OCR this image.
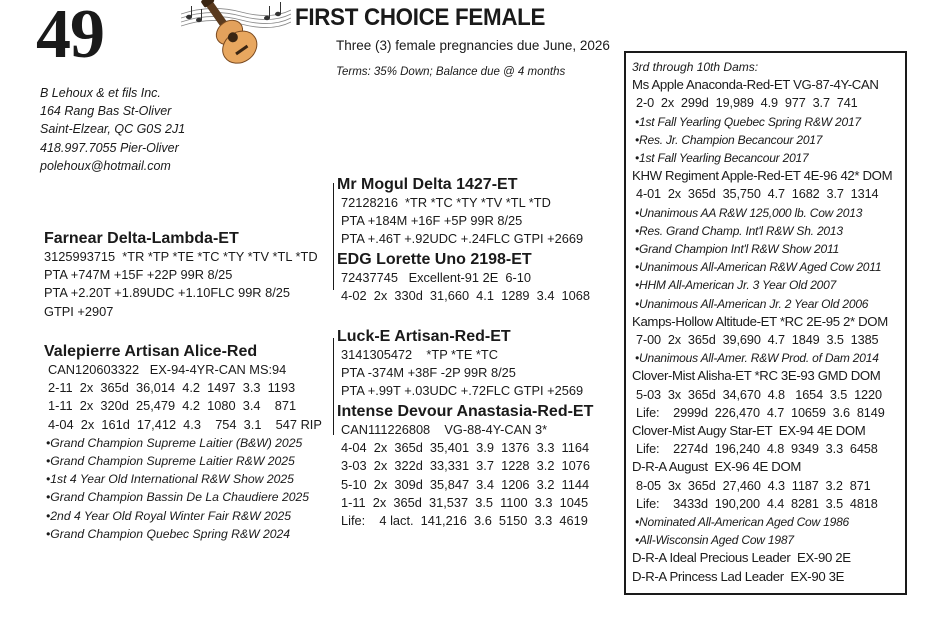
49	FIRST CHOICE FEMALE
Three (3) female pregnancies due June, 2026
Terms: 35% Down; Balance due @ 4 months
B Lehoux & et fils Inc.
164 Rang Bas St-Oliver
Saint-Elzear, QC G0S 2J1
418.997.7055 Pier-Oliver
polehoux@hotmail.com
Farnear Delta-Lambda-ET
3125993715  *TR *TP *TE *TC *TY *TV *TL *TD
PTA +747M +15F +22P 99R 8/25
PTA +2.20T +1.89UDC +1.10FLC 99R 8/25
GTPI +2907
Valepierre Artisan Alice-Red
CAN120603322   EX-94-4YR-CAN MS:94
2-11  2x  365d  36,014  4.2  1497  3.3  1193
1-11  2x  320d  25,479  4.2  1080  3.4    871
4-04  2x  161d  17,412  4.3    754  3.1    547 RIP
•Grand Champion Supreme Laitier (B&W) 2025
•Grand Champion Supreme Laitier R&W 2025
•1st 4 Year Old International R&W Show 2025
•Grand Champion Bassin De La Chaudiere 2025
•2nd 4 Year Old Royal Winter Fair R&W 2025
•Grand Champion Quebec Spring R&W 2024
Mr Mogul Delta 1427-ET
72128216  *TR *TC *TY *TV *TL *TD
PTA +184M +16F +5P 99R 8/25
PTA +.46T +.92UDC +.24FLC GTPI +2669
EDG Lorette Uno 2198-ET
72437745   Excellent-91 2E  6-10
4-02  2x  330d  31,660  4.1  1289  3.4  1068
Luck-E Artisan-Red-ET
3141305472    *TP *TE *TC
PTA -374M +38F -2P 99R 8/25
PTA +.99T +.03UDC +.72FLC GTPI +2569
Intense Devour Anastasia-Red-ET
CAN111226808    VG-88-4Y-CAN 3*
4-04  2x  365d  35,401  3.9  1376  3.3  1164
3-03  2x  322d  33,331  3.7  1228  3.2  1076
5-10  2x  309d  35,847  3.4  1206  3.2  1144
1-11  2x  365d  31,537  3.5  1100  3.3  1045
Life:    4 lact.  141,216  3.6  5150  3.3  4619
3rd through 10th Dams:
Ms Apple Anaconda-Red-ET VG-87-4Y-CAN
2-0  2x  299d  19,989  4.9  977  3.7  741
•1st Fall Yearling Quebec Spring R&W 2017
•Res. Jr. Champion Becancour 2017
•1st Fall Yearling Becancour 2017
KHW Regiment Apple-Red-ET 4E-96 42* DOM
4-01  2x  365d  35,750  4.7  1682  3.7  1314
•Unanimous AA R&W 125,000 lb. Cow 2013
•Res. Grand Champ. Int'l R&W Sh. 2013
•Grand Champion Int'l R&W Show 2011
•Unanimous All-American R&W Aged Cow 2011
•HHM All-American Jr. 3 Year Old 2007
•Unanimous All-American Jr. 2 Year Old 2006
Kamps-Hollow Altitude-ET *RC 2E-95 2* DOM
7-00  2x  365d  39,690  4.7  1849  3.5  1385
•Unanimous All-Amer. R&W Prod. of Dam 2014
Clover-Mist Alisha-ET *RC 3E-93 GMD DOM
5-03  3x  365d  34,670  4.8   1654  3.5  1220
Life:    2999d  226,470  4.7  10659  3.6  8149
Clover-Mist Augy Star-ET  EX-94 4E DOM
Life:    2274d  196,240  4.8  9349  3.3  6458
D-R-A August  EX-96 4E DOM
8-05  3x  365d  27,460  4.3  1187  3.2  871
Life:    3433d  190,200  4.4  8281  3.5  4818
•Nominated All-American Aged Cow 1986
•All-Wisconsin Aged Cow 1987
D-R-A Ideal Precious Leader  EX-90 2E
D-R-A Princess Lad Leader  EX-90 3E
